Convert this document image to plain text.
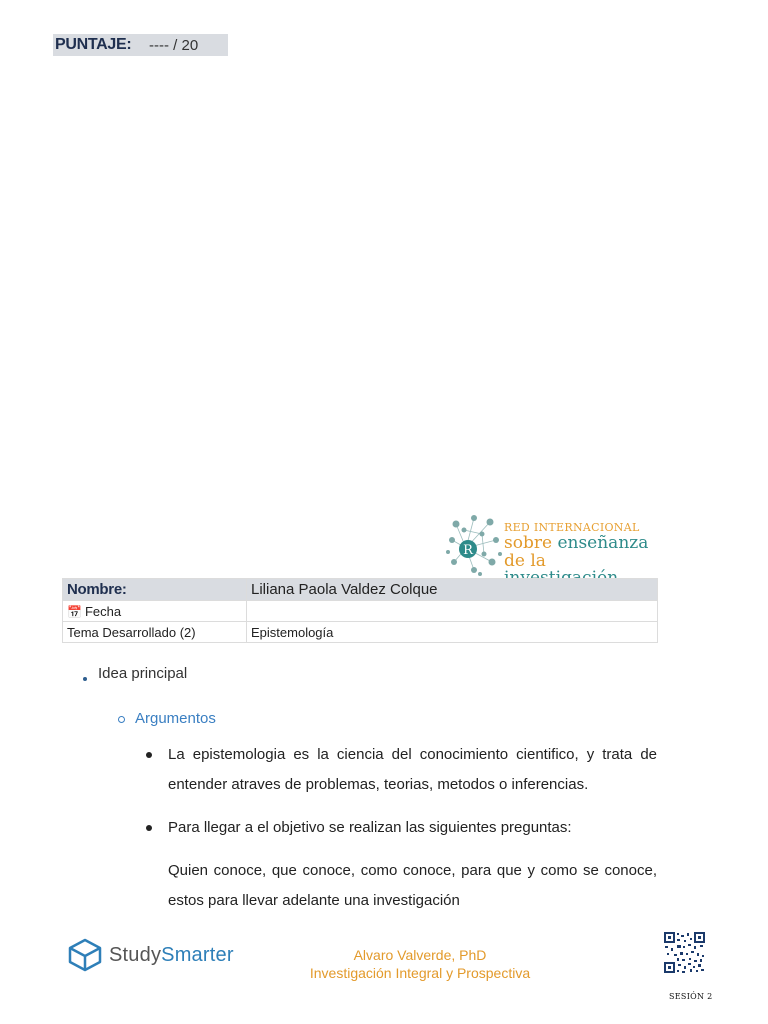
PUNTAJE:	---- / 20
R
RED INTERNACIONAL
sobre enseñanza
de la
Nombre:	Liliana Paola Valdez Colque
📅 Fecha	
Tema Desarrollado (2)	Epistemología
Idea principal
Argumentos
La epistemologia es la ciencia del conocimiento cientifico, y trata de entender atraves de problemas, teorias, metodos o inferencias.
Para llegar a el objetivo se realizan las siguientes preguntas:
Quien conoce, que conoce, como conoce, para que y como se conoce, estos para llevar adelante una investigación
StudySmarter	Alvaro Valverde, PhD
Investigación Integral y Prospectiva
SESIÓN 2
